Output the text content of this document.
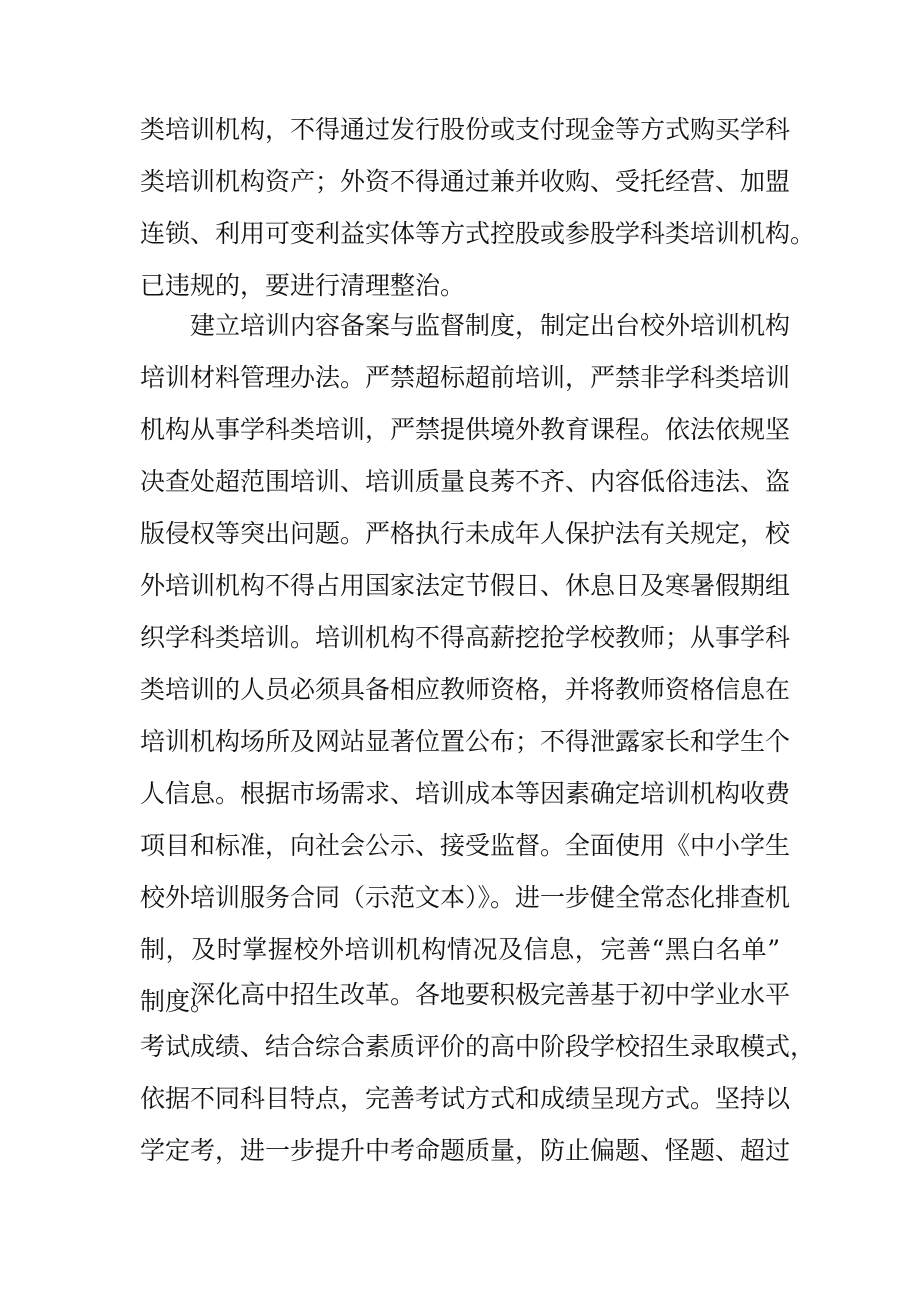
类培训机构，不得通过发行股份或支付现金等方式购买学科
类培训机构资产；外资不得通过兼并收购、受托经营、加盟
连锁、利用可变利益实体等方式控股或参股学科类培训机构。
已违规的，要进行清理整治。
建立培训内容备案与监督制度，制定出台校外培训机构
培训材料管理办法。严禁超标超前培训，严禁非学科类培训
机构从事学科类培训，严禁提供境外教育课程。依法依规坚
决查处超范围培训、培训质量良莠不齐、内容低俗违法、盗
版侵权等突出问题。严格执行未成年人保护法有关规定，校
外培训机构不得占用国家法定节假日、休息日及寒暑假期组
织学科类培训。培训机构不得高薪挖抢学校教师；从事学科
类培训的人员必须具备相应教师资格，并将教师资格信息在
培训机构场所及网站显著位置公布；不得泄露家长和学生个
人信息。根据市场需求、培训成本等因素确定培训机构收费
项目和标准，向社会公示、接受监督。全面使用《中小学生
校外培训服务合同（示范文本）》。进一步健全常态化排查机
制，及时掌握校外培训机构情况及信息，完善“黑白名单”
制度。
深化高中招生改革。各地要积极完善基于初中学业水平
考试成绩、结合综合素质评价的高中阶段学校招生录取模式，
依据不同科目特点，完善考试方式和成绩呈现方式。坚持以
学定考，进一步提升中考命题质量，防止偏题、怪题、超过
